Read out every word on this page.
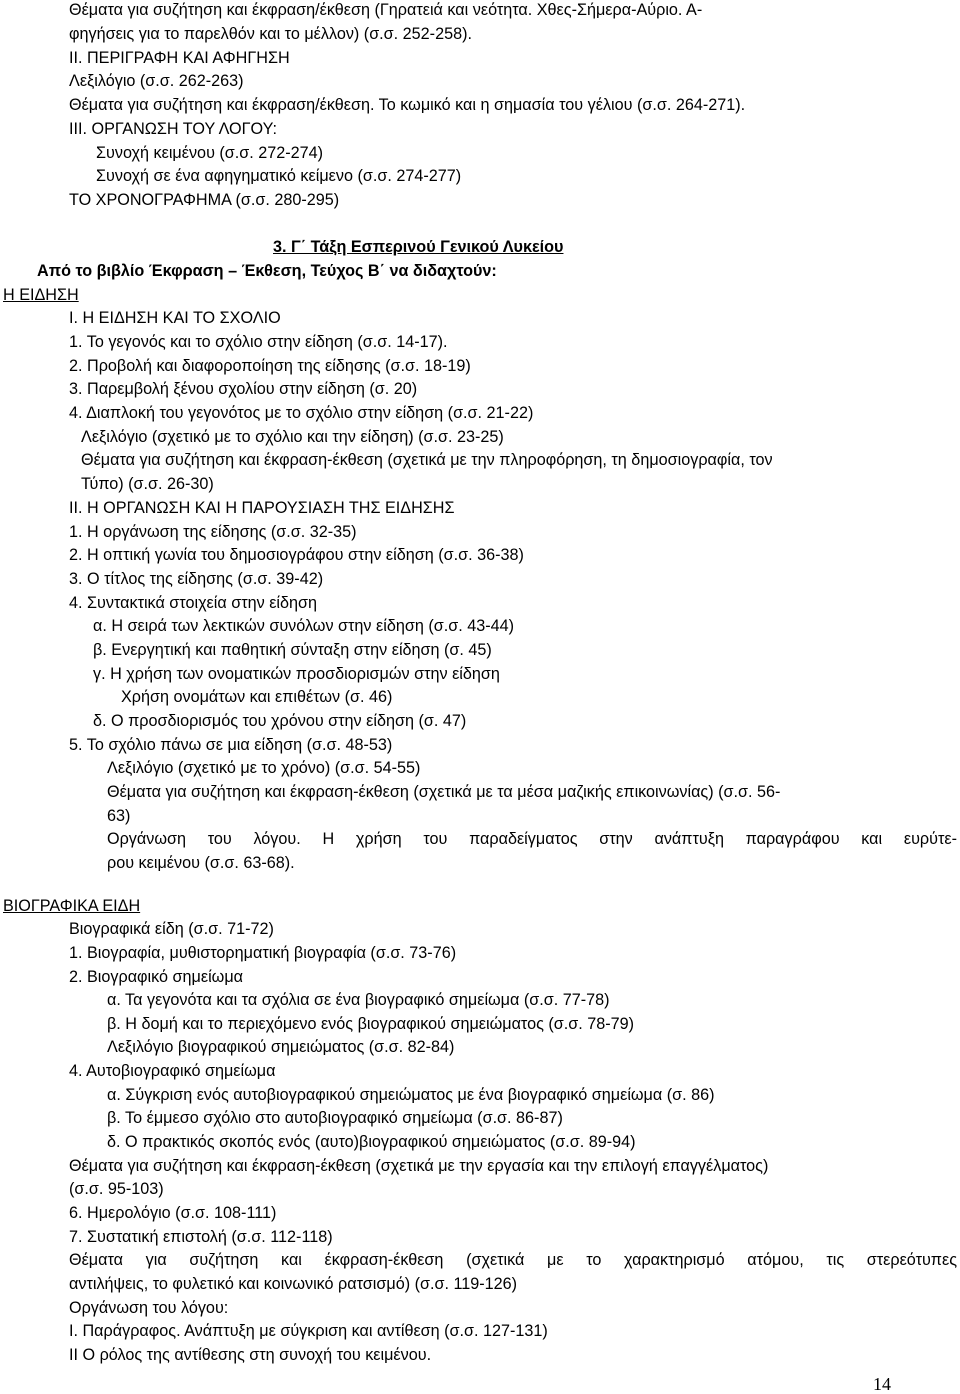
Θέματα για συζήτηση και έκφραση/έκθεση (Γηρατειά και νεότητα. Χθες-Σήμερα-Αύριο. Α-
φηγήσεις για το παρελθόν και το μέλλον) (σ.σ. 252-258).
II. ΠΕΡΙΓΡΑΦΗ ΚΑΙ ΑΦΗΓΗΣΗ
Λεξιλόγιο (σ.σ. 262-263)
Θέματα για συζήτηση και έκφραση/έκθεση. Το κωμικό και η σημασία του γέλιου (σ.σ. 264-271).
III. ΟΡΓΑΝΩΣΗ ΤΟΥ ΛΟΓΟΥ:
Συνοχή κειμένου (σ.σ. 272-274)
Συνοχή σε ένα αφηγηματικό κείμενο (σ.σ. 274-277)
ΤΟ ΧΡΟΝΟΓΡΑΦΗΜΑ (σ.σ. 280-295)
3. Γ΄ Τάξη Εσπερινού Γενικού Λυκείου
Από το βιβλίο Έκφραση – Έκθεση, Τεύχος Β΄ να διδαχτούν:
Η ΕΙΔΗΣΗ
I. Η ΕΙΔΗΣΗ ΚΑΙ ΤΟ ΣΧΟΛΙΟ
1. Το γεγονός και το σχόλιο στην είδηση (σ.σ. 14-17).
2. Προβολή και διαφοροποίηση της είδησης (σ.σ. 18-19)
3. Παρεμβολή ξένου σχολίου στην είδηση (σ. 20)
4. Διαπλοκή του γεγονότος με το σχόλιο στην είδηση (σ.σ. 21-22)
Λεξιλόγιο (σχετικό με το σχόλιο και την είδηση) (σ.σ. 23-25)
Θέματα για συζήτηση και έκφραση-έκθεση (σχετικά με την πληροφόρηση, τη δημοσιογραφία, τον
Τύπο) (σ.σ. 26-30)
II. Η ΟΡΓΑΝΩΣΗ ΚΑΙ Η ΠΑΡΟΥΣΙΑΣΗ ΤΗΣ ΕΙΔΗΣΗΣ
1. Η οργάνωση της είδησης (σ.σ. 32-35)
2. Η οπτική γωνία του δημοσιογράφου στην είδηση (σ.σ. 36-38)
3. Ο τίτλος της είδησης (σ.σ. 39-42)
4. Συντακτικά στοιχεία στην είδηση
α. Η σειρά των λεκτικών συνόλων στην είδηση (σ.σ. 43-44)
β. Ενεργητική και παθητική σύνταξη στην είδηση (σ. 45)
γ. Η χρήση των ονοματικών προσδιορισμών στην είδηση
Χρήση ονομάτων και επιθέτων (σ. 46)
δ. Ο προσδιορισμός του χρόνου στην είδηση (σ. 47)
5. Το σχόλιο πάνω σε μια είδηση (σ.σ. 48-53)
Λεξιλόγιο (σχετικό με το χρόνο) (σ.σ. 54-55)
Θέματα για συζήτηση και έκφραση-έκθεση (σχετικά με τα μέσα μαζικής επικοινωνίας) (σ.σ. 56-
63)
Οργάνωση του λόγου. Η χρήση του παραδείγματος στην ανάπτυξη παραγράφου και ευρύτε-
ρου κειμένου (σ.σ. 63-68).
ΒΙΟΓΡΑΦΙΚΑ ΕΙΔΗ
Βιογραφικά είδη (σ.σ. 71-72)
1. Βιογραφία, μυθιστορηματική βιογραφία (σ.σ. 73-76)
2. Βιογραφικό σημείωμα
α. Τα γεγονότα και τα σχόλια σε ένα βιογραφικό σημείωμα (σ.σ. 77-78)
β. Η δομή και το περιεχόμενο ενός βιογραφικού σημειώματος (σ.σ. 78-79)
Λεξιλόγιο βιογραφικού σημειώματος (σ.σ. 82-84)
4. Αυτοβιογραφικό σημείωμα
α. Σύγκριση ενός αυτοβιογραφικού σημειώματος με ένα βιογραφικό σημείωμα (σ. 86)
β. Το έμμεσο σχόλιο στο αυτοβιογραφικό σημείωμα (σ.σ. 86-87)
δ. Ο πρακτικός σκοπός ενός (αυτο)βιογραφικού σημειώματος (σ.σ. 89-94)
Θέματα για συζήτηση και έκφραση-έκθεση (σχετικά με την εργασία και την επιλογή επαγγέλματος)
(σ.σ. 95-103)
6. Ημερολόγιο (σ.σ. 108-111)
7. Συστατική επιστολή (σ.σ. 112-118)
Θέματα για συζήτηση και έκφραση-έκθεση (σχετικά με το χαρακτηρισμό ατόμου, τις στερεότυπες
αντιλήψεις, το φυλετικό και κοινωνικό ρατσισμό) (σ.σ. 119-126)
Οργάνωση του λόγου:
I. Παράγραφος. Ανάπτυξη με σύγκριση και αντίθεση (σ.σ. 127-131)
II Ο ρόλος της αντίθεσης στη συνοχή του κειμένου.
14
